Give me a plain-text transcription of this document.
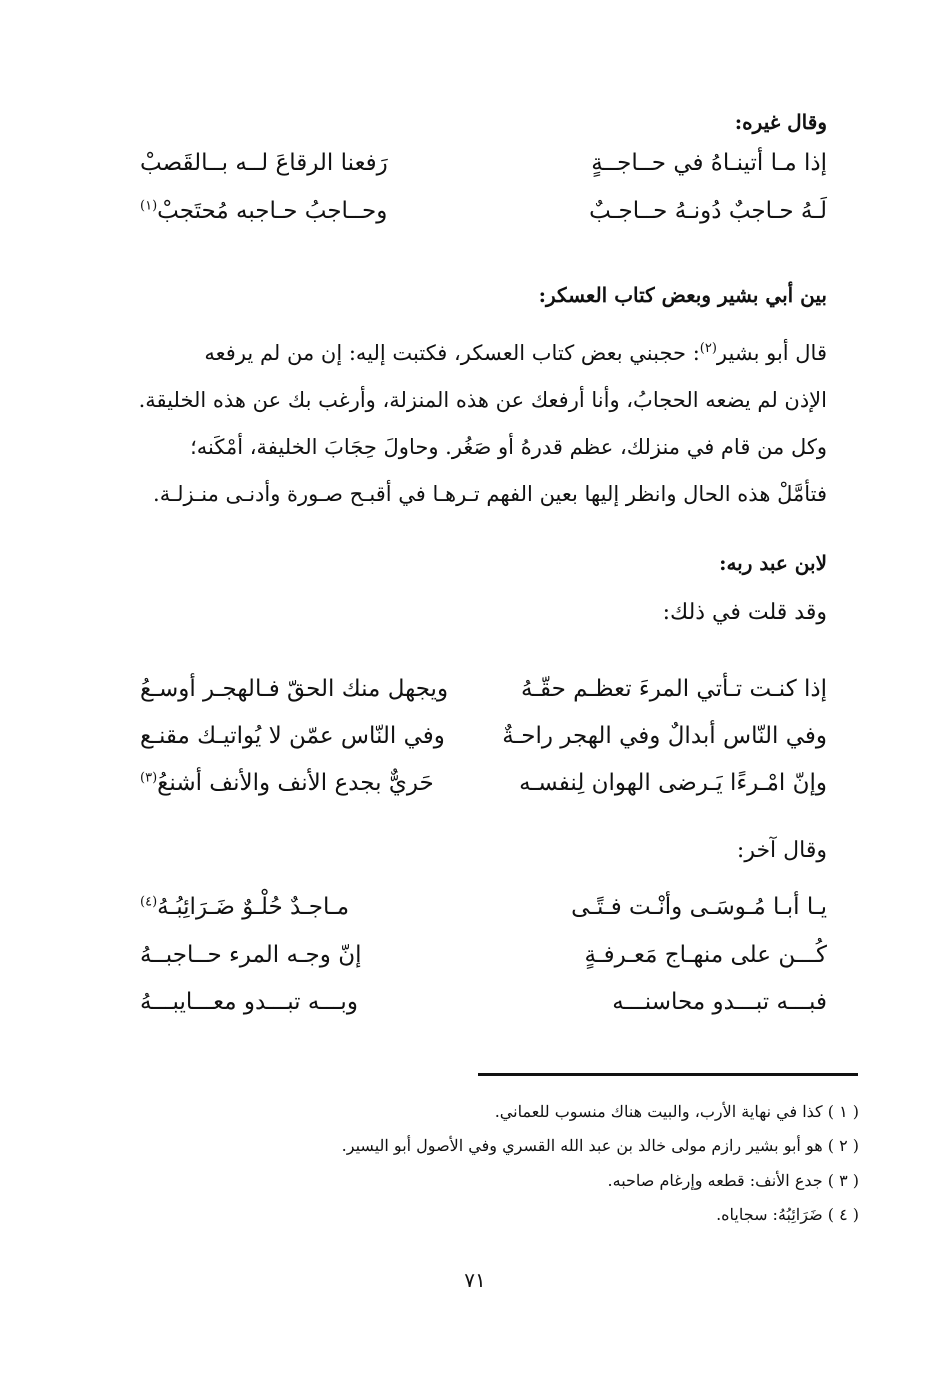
وقال غيره:
إذا مـا أتينـاهُ في حــاجــةٍ
رَفعنا الرقاعَ لــه بــالقَصبْ
لَـهُ حـاجبٌ دُونـهُ حــاجـبٌ
وحــاجبُ حـاجبه مُحتَجبْ$^{(١)}$
بين أبي بشير وبعض كتاب العسكر:
قال أبو بشير$^{(٢)}$: حجبني بعض كتاب العسكر، فكتبت إليه: إن من لم يرفعه
الإذن لم يضعه الحجابُ، وأنا أرفعك عن هذه المنزلة، وأرغب بك عن هذه الخليقة.
وكل من قام في منزلك، عظم قدرهُ أو صَغُر. وحاولَ حِجَابَ الخليفة، أمْكَنه؛
فتأمَّلْ هذه الحال وانظر إليها بعين الفهم تـرهـا في أقبـح صـورة وأدنـى منـزلـة.
لابن عبد ربه:
وقد قلت في ذلك:
إذا كنـت تـأتي المرءَ تعظـم حقّـهُ
ويجهل منك الحقّ فـالهجـر أوسـعُ
وفي النّاس أبدالٌ وفي الهجر راحـةٌ
وفي النّاس عمّن لا يُواتيـك مقنـع
وإنّ امْـرءًا يَـرضى الهوان لِنفسـه
حَريٌّ بجدع الأنف والأنف أشنعُ$^{(٣)}$
وقال آخر:
يـا أبـا مُـوسَـى وأنْـت فـتًـى
مـاجـدٌ حُلْـوٌ ضَـرَائِبُـهُ$^{(٤)}$
كُـــن على منهـاج مَعـرفـةٍ
إنّ وجـه المرء حــاجبــهُ
فبـــه تبـــدو محاسنـــه
وبـــه تبـــدو معـــايبـــهُ
( ١ ) كذا في نهاية الأرب، والبيت هناك منسوب للعماني.
( ٢ ) هو أبو بشير رازم مولى خالد بن عبد الله القسري وفي الأصول أبو اليسير.
( ٣ ) جدع الأنف: قطعه وإرغام صاحبه.
( ٤ ) ضَرَائِبُهُ: سجاياه.
٧١
